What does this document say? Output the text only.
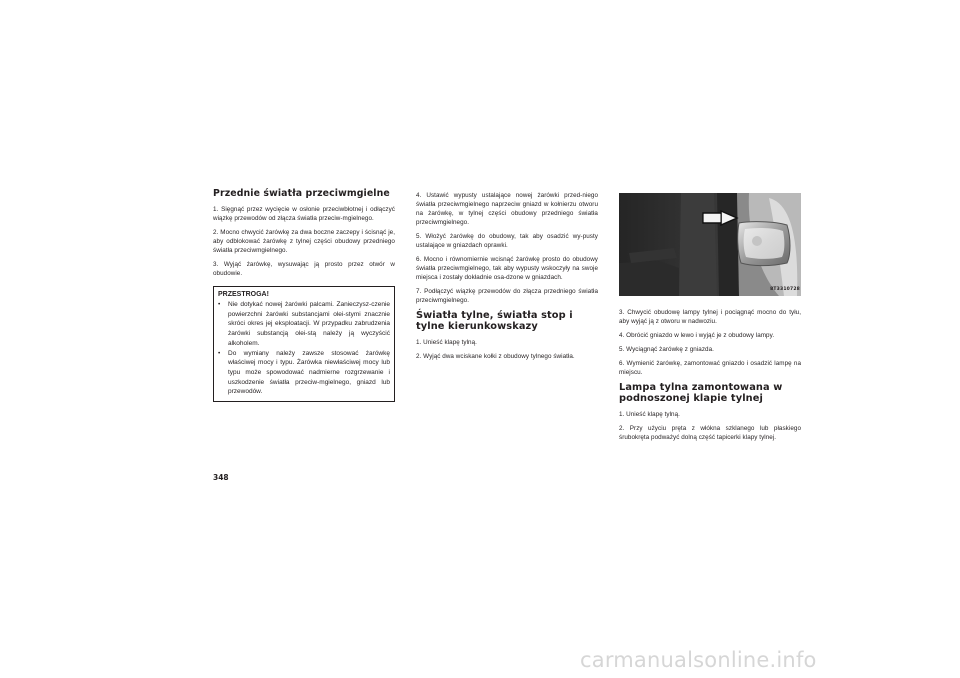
Przednie światła przeciwmgielne

1. Sięgnąć przez wycięcie w osłonie przeciwbłotnej i odłączyć wiązkę przewodów od złącza światła przeciw-mgielnego.

2. Mocno chwycić żarówkę za dwa boczne zaczepy i ścisnąć je, aby odblokować żarówkę z tylnej części obudowy przedniego światła przeciwmgielnego.

3. Wyjąć żarówkę, wysuwając ją prosto przez otwór w obudowie.

PRZESTROGA!
• Nie dotykać nowej żarówki palcami. Zanieczysz-czenie powierzchni żarówki substancjami olei-stymi znacznie skróci okres jej eksploatacji. W przypadku zabrudzenia żarówki substancją olei-stą należy ją wyczyścić alkoholem.
• Do wymiany należy zawsze stosować żarówkę właściwej mocy i typu. Żarówka niewłaściwej mocy lub typu może spowodować nadmierne rozgrzewanie i uszkodzenie światła przeciw-mgielnego, gniazd lub przewodów.

4. Ustawić wypusty ustalające nowej żarówki przed-niego światła przeciwmgielnego naprzeciw gniazd w kołnierzu otworu na żarówkę, w tylnej części obudowy przedniego światła przeciwmgielnego.

5. Włożyć żarówkę do obudowy, tak aby osadzić wy-pusty ustalające w gniazdach oprawki.

6. Mocno i równomiernie wcisnąć żarówkę prosto do obudowy światła przeciwmgielnego, tak aby wypusty wskoczyły na swoje miejsca i zostały dokładnie osa-dzone w gniazdach.

7. Podłączyć wiązkę przewodów do złącza przedniego światła przeciwmgielnego.

Światła tylne, światła stop i tylne kierunkowskazy

1. Unieść klapę tylną.

2. Wyjąć dwa wciskane kołki z obudowy tylnego światła.

8T3310728

3. Chwycić obudowę lampy tylnej i pociągnąć mocno do tyłu, aby wyjąć ją z otworu w nadwoziu.

4. Obrócić gniazdo w lewo i wyjąć je z obudowy lampy.

5. Wyciągnąć żarówkę z gniazda.

6. Wymienić żarówkę, zamontować gniazdo i osadzić lampę na miejscu.

Lampa tylna zamontowana w podnoszonej klapie tylnej

1. Unieść klapę tylną.

2. Przy użyciu pręta z włókna szklanego lub płaskiego śrubokręta podważyć dolną część tapicerki klapy tylnej.

348
carmanualsonline.info
